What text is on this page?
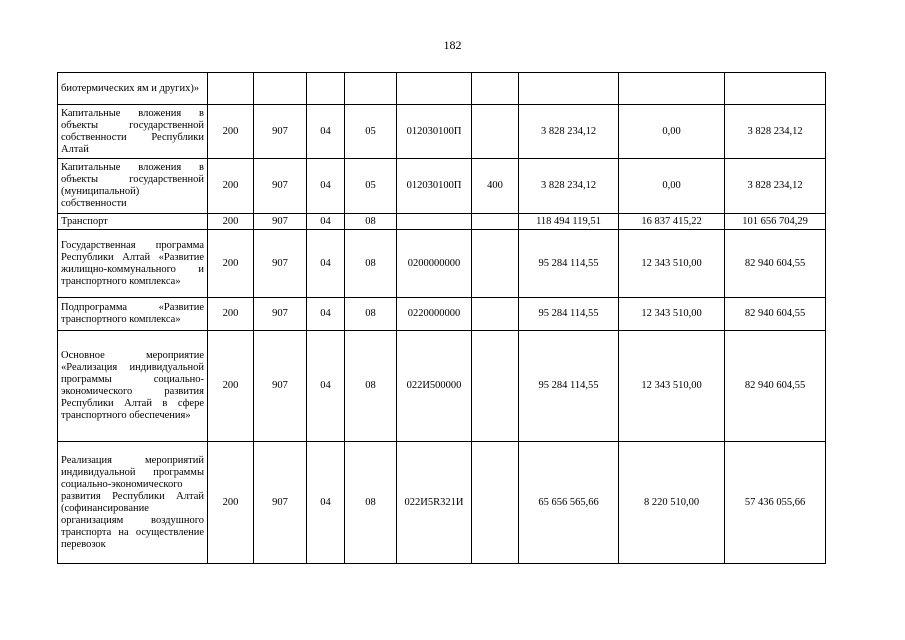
182
биотермических ям и других)»									
Капитальные вложения в объекты государственной собственности Республики Алтай	200	907	04	05	012030100П		3 828 234,12	0,00	3 828 234,12
Капитальные вложения в объекты государственной (муниципальной) собственности	200	907	04	05	012030100П	400	3 828 234,12	0,00	3 828 234,12
Транспорт	200	907	04	08			118 494 119,51	16 837 415,22	101 656 704,29
Государственная программа Республики Алтай «Развитие жилищно-коммунального и транспортного комплекса»	200	907	04	08	0200000000		95 284 114,55	12 343 510,00	82 940 604,55
Подпрограмма «Развитие транспортного комплекса»	200	907	04	08	0220000000		95 284 114,55	12 343 510,00	82 940 604,55
Основное мероприятие «Реализация индивидуальной программы социально-экономического развития Республики Алтай в сфере транспортного обеспечения»	200	907	04	08	022И500000		95 284 114,55	12 343 510,00	82 940 604,55
Реализация мероприятий индивидуальной программы социально-экономического развития Республики Алтай (софинансирование организациям воздушного транспорта на осуществление перевозок	200	907	04	08	022И5R321И		65 656 565,66	8 220 510,00	57 436 055,66
